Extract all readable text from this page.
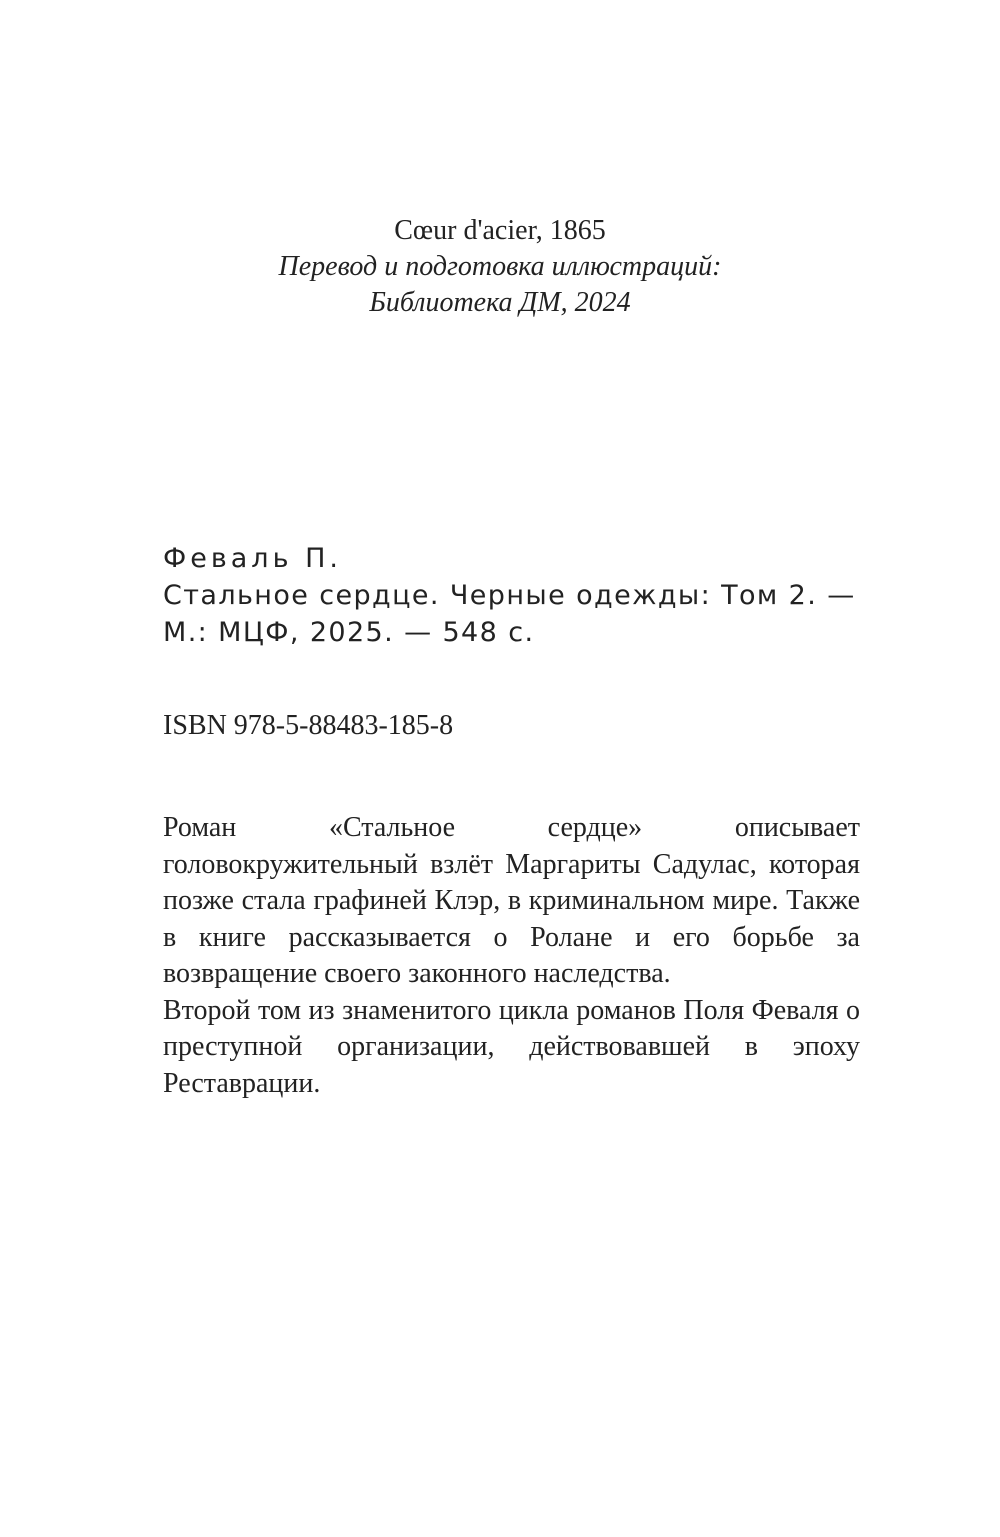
Cœur d'acier, 1865
Перевод и подготовка иллюстраций:
Библиотека ДМ, 2024
Феваль П.
Стальное сердце. Черные одежды: Том 2. —
М.: МЦФ, 2025. — 548 с.
ISBN 978-5-88483-185-8

Роман «Стальное сердце» описывает головокружительный взлёт Маргариты Садулас, которая позже стала графиней Клэр, в криминальном мире. Также в книге рассказывается о Ролане и его борьбе за возвращение своего законного наследства.

Второй том из знаменитого цикла романов Поля Феваля о преступной организации, действовавшей в эпоху Реставрации.
